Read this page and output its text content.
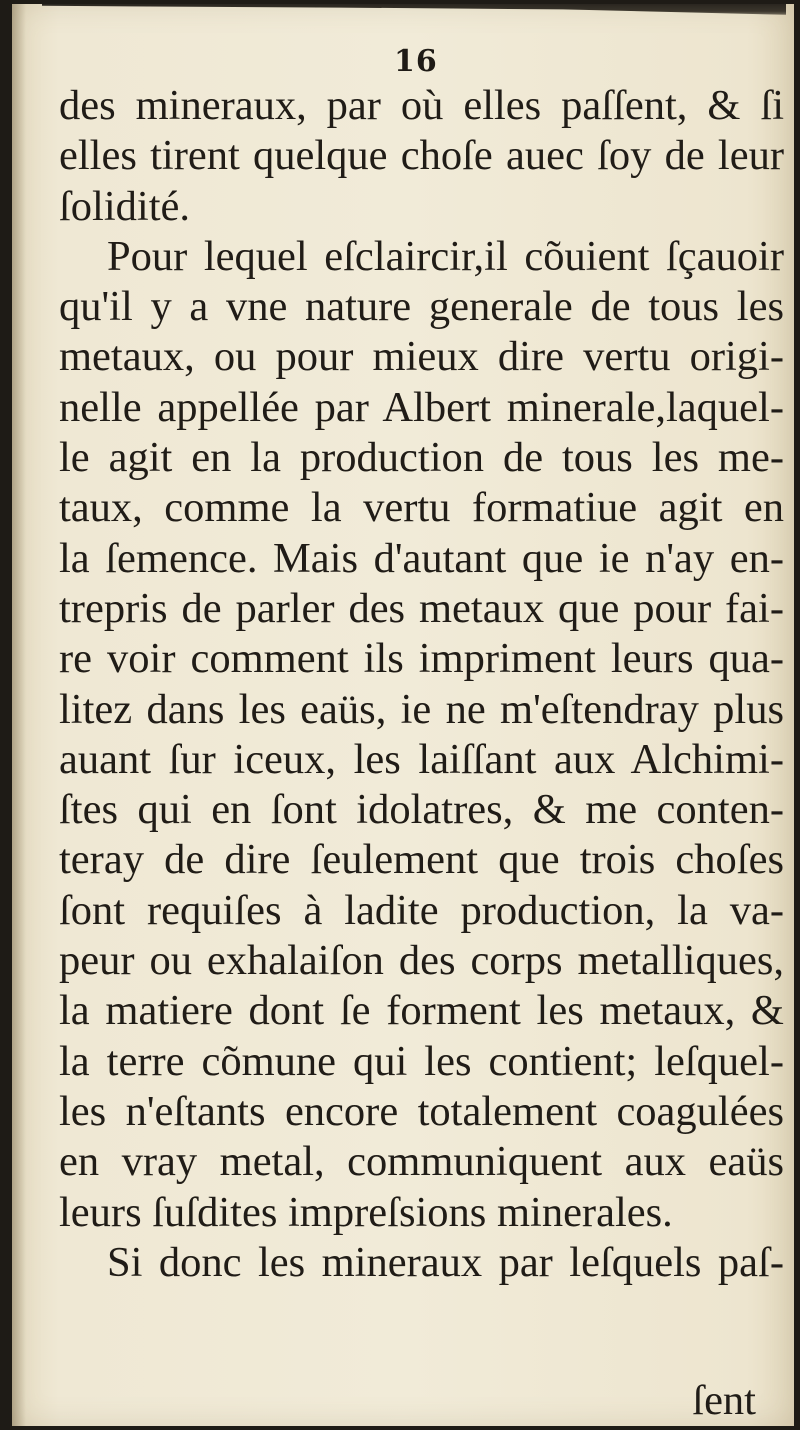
16
des mineraux, par où elles paſſent, & ſi
elles tirent quelque choſe auec ſoy de leur
ſolidité.
Pour lequel eſclaircir,il cõuient ſçauoir
qu'il y a vne nature generale de tous les
metaux, ou pour mieux dire vertu origi-
nelle appellée par Albert minerale,laquel-
le agit en la production de tous les me-
taux, comme la vertu formatiue agit en
la ſemence. Mais d'autant que ie n'ay en-
trepris de parler des metaux que pour fai-
re voir comment ils impriment leurs qua-
litez dans les eaüs, ie ne m'eſtendray plus
auant ſur iceux, les laiſſant aux Alchimi-
ſtes qui en ſont idolatres, & me conten-
teray de dire ſeulement que trois choſes
ſont requiſes à ladite production, la va-
peur ou exhalaiſon des corps metalliques,
la matiere dont ſe forment les metaux, &
la terre cõmune qui les contient; leſquel-
les n'eſtants encore totalement coagulées
en vray metal, communiquent aux eaüs
leurs ſuſdites impreſsions minerales.
Si donc les mineraux par leſquels paſ-
ſent
